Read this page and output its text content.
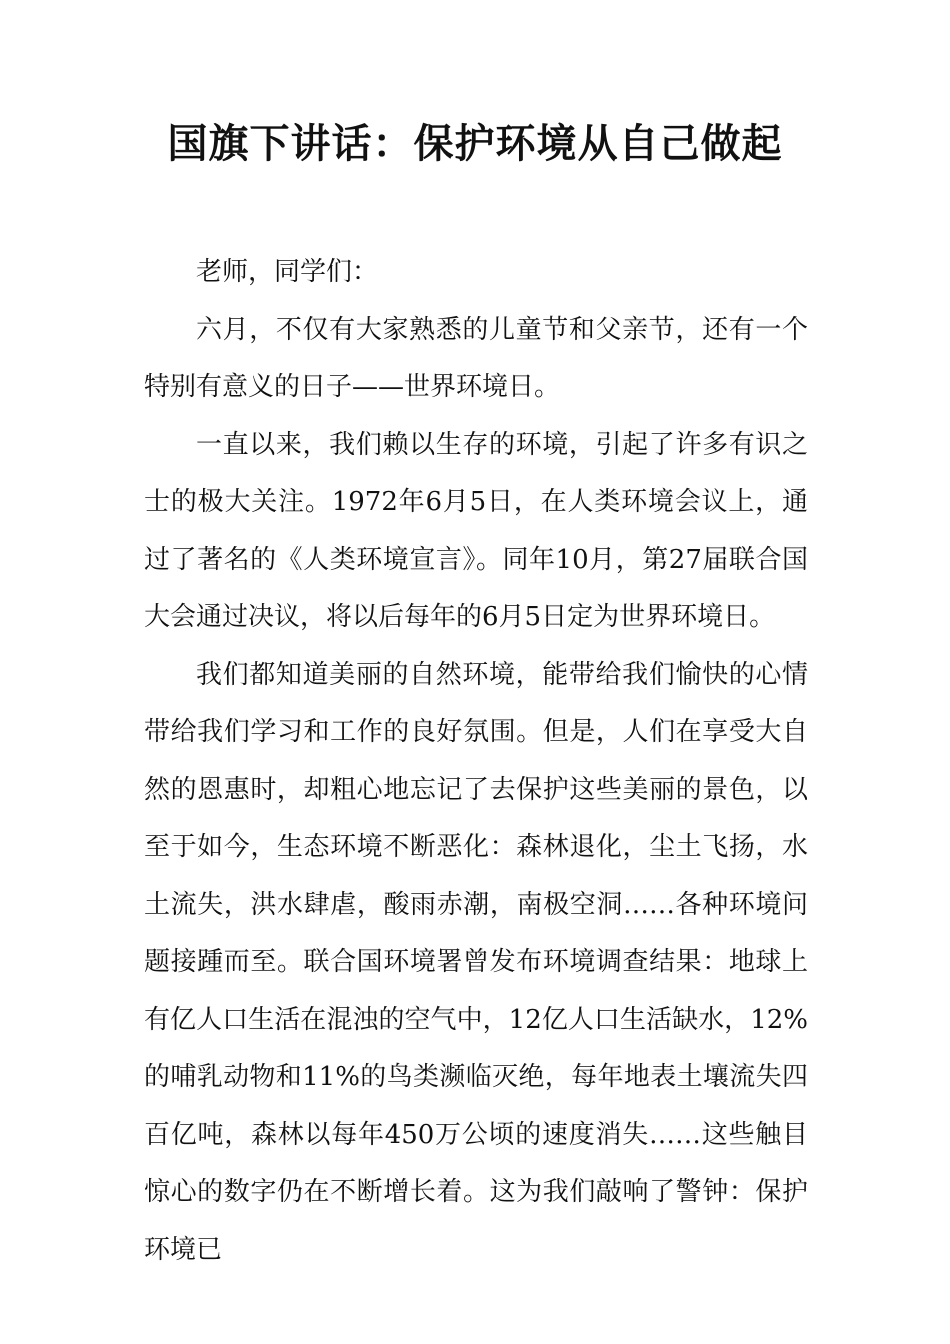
国旗下讲话：保护环境从自己做起

老师，同学们：

六月，不仅有大家熟悉的儿童节和父亲节，还有一个特别有意义的日子——世界环境日。

一直以来，我们赖以生存的环境，引起了许多有识之士的极大关注。1972年6月5日，在人类环境会议上，通过了著名的《人类环境宣言》。同年10月，第27届联合国大会通过决议，将以后每年的6月5日定为世界环境日。

我们都知道美丽的自然环境，能带给我们愉快的心情带给我们学习和工作的良好氛围。但是，人们在享受大自然的恩惠时，却粗心地忘记了去保护这些美丽的景色，以至于如今，生态环境不断恶化：森林退化，尘土飞扬，水土流失，洪水肆虐，酸雨赤潮，南极空洞……各种环境问题接踵而至。联合国环境署曾发布环境调查结果：地球上有亿人口生活在混浊的空气中，12亿人口生活缺水，12%的哺乳动物和11%的鸟类濒临灭绝，每年地表土壤流失四百亿吨，森林以每年450万公顷的速度消失……这些触目惊心的数字仍在不断增长着。这为我们敲响了警钟：保护环境已
